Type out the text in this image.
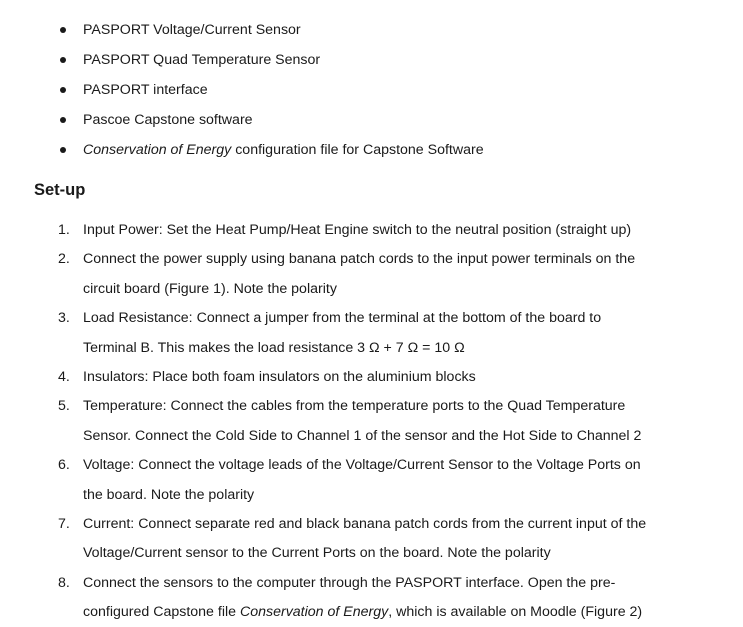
PASPORT Voltage/Current Sensor
PASPORT Quad Temperature Sensor
PASPORT interface
Pascoe Capstone software
Conservation of Energy configuration file for Capstone Software
Set-up
1. Input Power: Set the Heat Pump/Heat Engine switch to the neutral position (straight up)
2. Connect the power supply using banana patch cords to the input power terminals on the
circuit board (Figure 1). Note the polarity
3. Load Resistance: Connect a jumper from the terminal at the bottom of the board to
Terminal B. This makes the load resistance 3 Ω + 7 Ω = 10 Ω
4. Insulators: Place both foam insulators on the aluminium blocks
5. Temperature: Connect the cables from the temperature ports to the Quad Temperature
Sensor. Connect the Cold Side to Channel 1 of the sensor and the Hot Side to Channel 2
6. Voltage: Connect the voltage leads of the Voltage/Current Sensor to the Voltage Ports on
the board. Note the polarity
7. Current: Connect separate red and black banana patch cords from the current input of the
Voltage/Current sensor to the Current Ports on the board. Note the polarity
8. Connect the sensors to the computer through the PASPORT interface. Open the pre-
configured Capstone file Conservation of Energy, which is available on Moodle (Figure 2)
